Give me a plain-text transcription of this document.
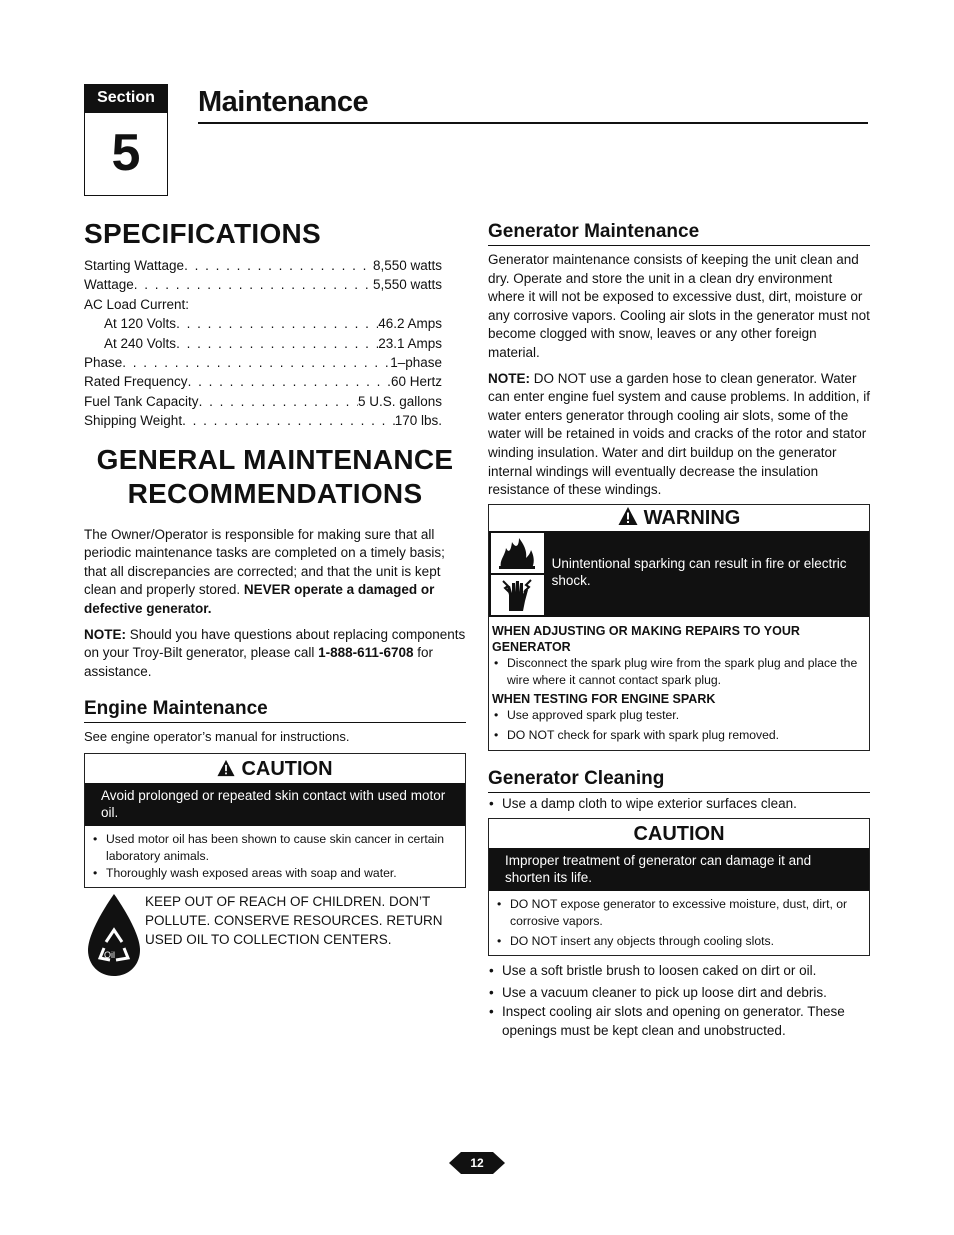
Section
5
Maintenance
SPECIFICATIONS
Starting Wattage . . .	8,550 watts
Wattage . . .	5,550 watts
AC Load Current:
At 120 Volts . . .	46.2 Amps
At 240 Volts . . .	23.1 Amps
Phase . . .	1–phase
Rated Frequency . . .	60 Hertz
Fuel Tank Capacity . . .	5 U.S. gallons
Shipping Weight . . .	170 lbs.
GENERAL MAINTENANCE
RECOMMENDATIONS

The Owner/Operator is responsible for making sure that all periodic maintenance tasks are completed on a timely basis; that all discrepancies are corrected; and that the unit is kept clean and properly stored. NEVER operate a damaged or defective generator.

NOTE: Should you have questions about replacing components on your Troy-Bilt generator, please call 1-888-611-6708 for assistance.

Engine Maintenance

See engine operator’s manual for instructions.

CAUTION
Avoid prolonged or repeated skin contact with used motor oil.
• Used motor oil has been shown to cause skin cancer in certain laboratory animals.
• Thoroughly wash exposed areas with soap and water.
Oil
KEEP OUT OF REACH OF CHILDREN. DON’T POLLUTE. CONSERVE RESOURCES. RETURN USED OIL TO COLLECTION CENTERS.
Generator Maintenance

Generator maintenance consists of keeping the unit clean and dry. Operate and store the unit in a clean dry environment where it will not be exposed to excessive dust, dirt, moisture or any corrosive vapors. Cooling air slots in the generator must not become clogged with snow, leaves or any other foreign material.

NOTE: DO NOT use a garden hose to clean generator. Water can enter engine fuel system and cause problems. In addition, if water enters generator through cooling air slots, some of the water will be retained in voids and cracks of the rotor and stator winding insulation. Water and dirt buildup on the generator internal windings will eventually decrease the insulation resistance of these windings.

WARNING
Unintentional sparking can result in fire or electric shock.
WHEN ADJUSTING OR MAKING REPAIRS TO YOUR GENERATOR
• Disconnect the spark plug wire from the spark plug and place the wire where it cannot contact spark plug.
WHEN TESTING FOR ENGINE SPARK
• Use approved spark plug tester.
• DO NOT check for spark with spark plug removed.
Generator Cleaning
• Use a damp cloth to wipe exterior surfaces clean.
CAUTION
Improper treatment of generator can damage it and shorten its life.
• DO NOT expose generator to excessive moisture, dust, dirt, or corrosive vapors.
• DO NOT insert any objects through cooling slots.
• Use a soft bristle brush to loosen caked on dirt or oil.
• Use a vacuum cleaner to pick up loose dirt and debris.
• Inspect cooling air slots and opening on generator. These openings must be kept clean and unobstructed.
12
